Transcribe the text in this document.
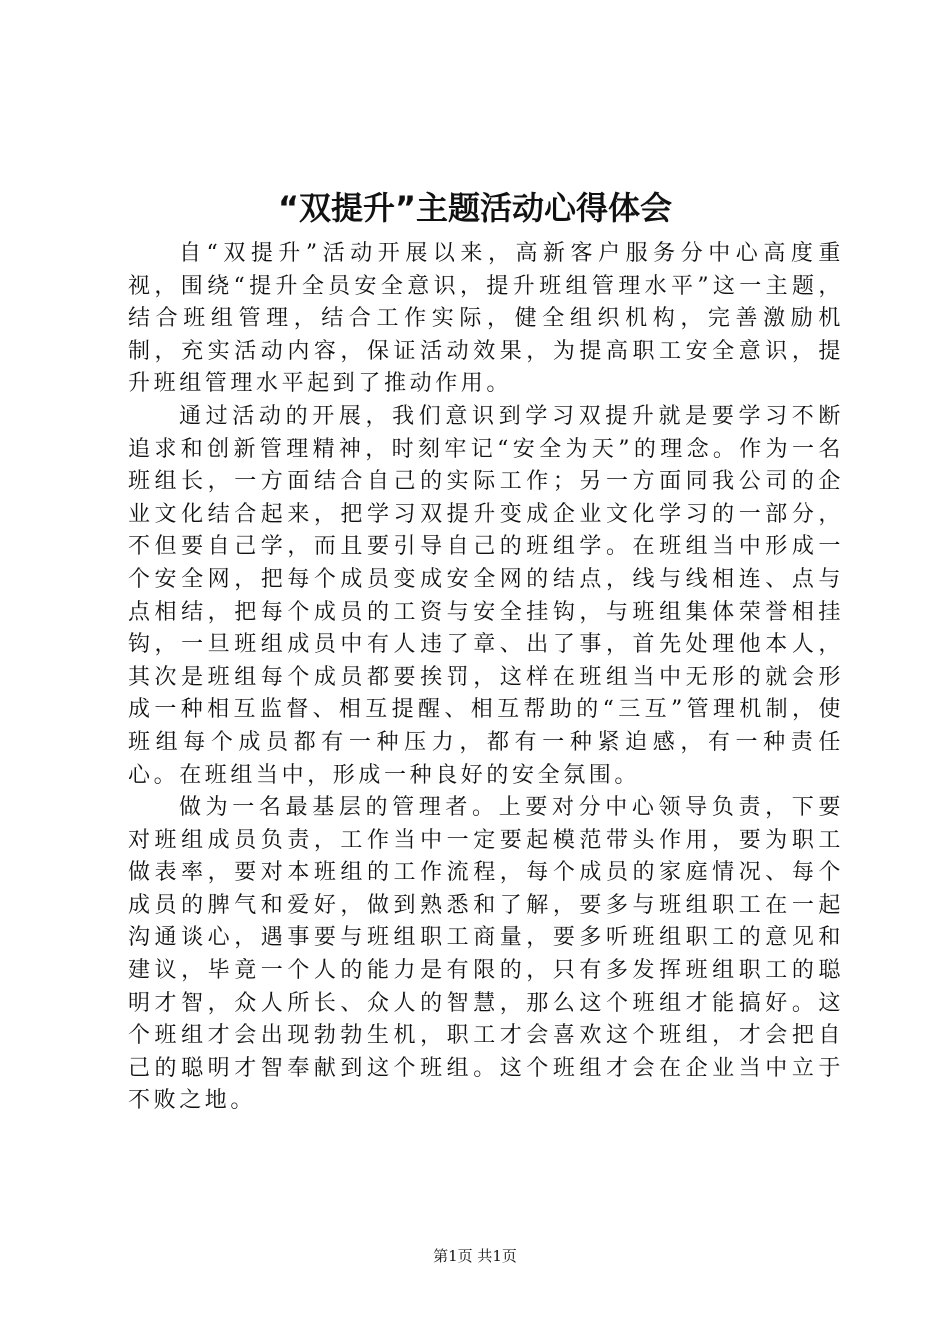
“双提升”主题活动心得体会

自“双提升”活动开展以来，高新客户服务分中心高度重视，围绕“提升全员安全意识，提升班组管理水平”这一主题，结合班组管理，结合工作实际，健全组织机构，完善激励机制，充实活动内容，保证活动效果，为提高职工安全意识，提升班组管理水平起到了推动作用。

通过活动的开展，我们意识到学习双提升就是要学习不断追求和创新管理精神，时刻牢记“安全为天”的理念。作为一名班组长，一方面结合自己的实际工作；另一方面同我公司的企业文化结合起来，把学习双提升变成企业文化学习的一部分，不但要自己学，而且要引导自己的班组学。在班组当中形成一个安全网，把每个成员变成安全网的结点，线与线相连、点与点相结，把每个成员的工资与安全挂钩，与班组集体荣誉相挂钩，一旦班组成员中有人违了章、出了事，首先处理他本人，其次是班组每个成员都要挨罚，这样在班组当中无形的就会形成一种相互监督、相互提醒、相互帮助的“三互”管理机制，使班组每个成员都有一种压力，都有一种紧迫感，有一种责任心。在班组当中，形成一种良好的安全氛围。

做为一名最基层的管理者。上要对分中心领导负责，下要对班组成员负责，工作当中一定要起模范带头作用，要为职工做表率，要对本班组的工作流程，每个成员的家庭情况、每个成员的脾气和爱好，做到熟悉和了解，要多与班组职工在一起沟通谈心，遇事要与班组职工商量，要多听班组职工的意见和建议，毕竟一个人的能力是有限的，只有多发挥班组职工的聪明才智，众人所长、众人的智慧，那么这个班组才能搞好。这个班组才会出现勃勃生机，职工才会喜欢这个班组，才会把自己的聪明才智奉献到这个班组。这个班组才会在企业当中立于不败之地。

第1页 共1页
